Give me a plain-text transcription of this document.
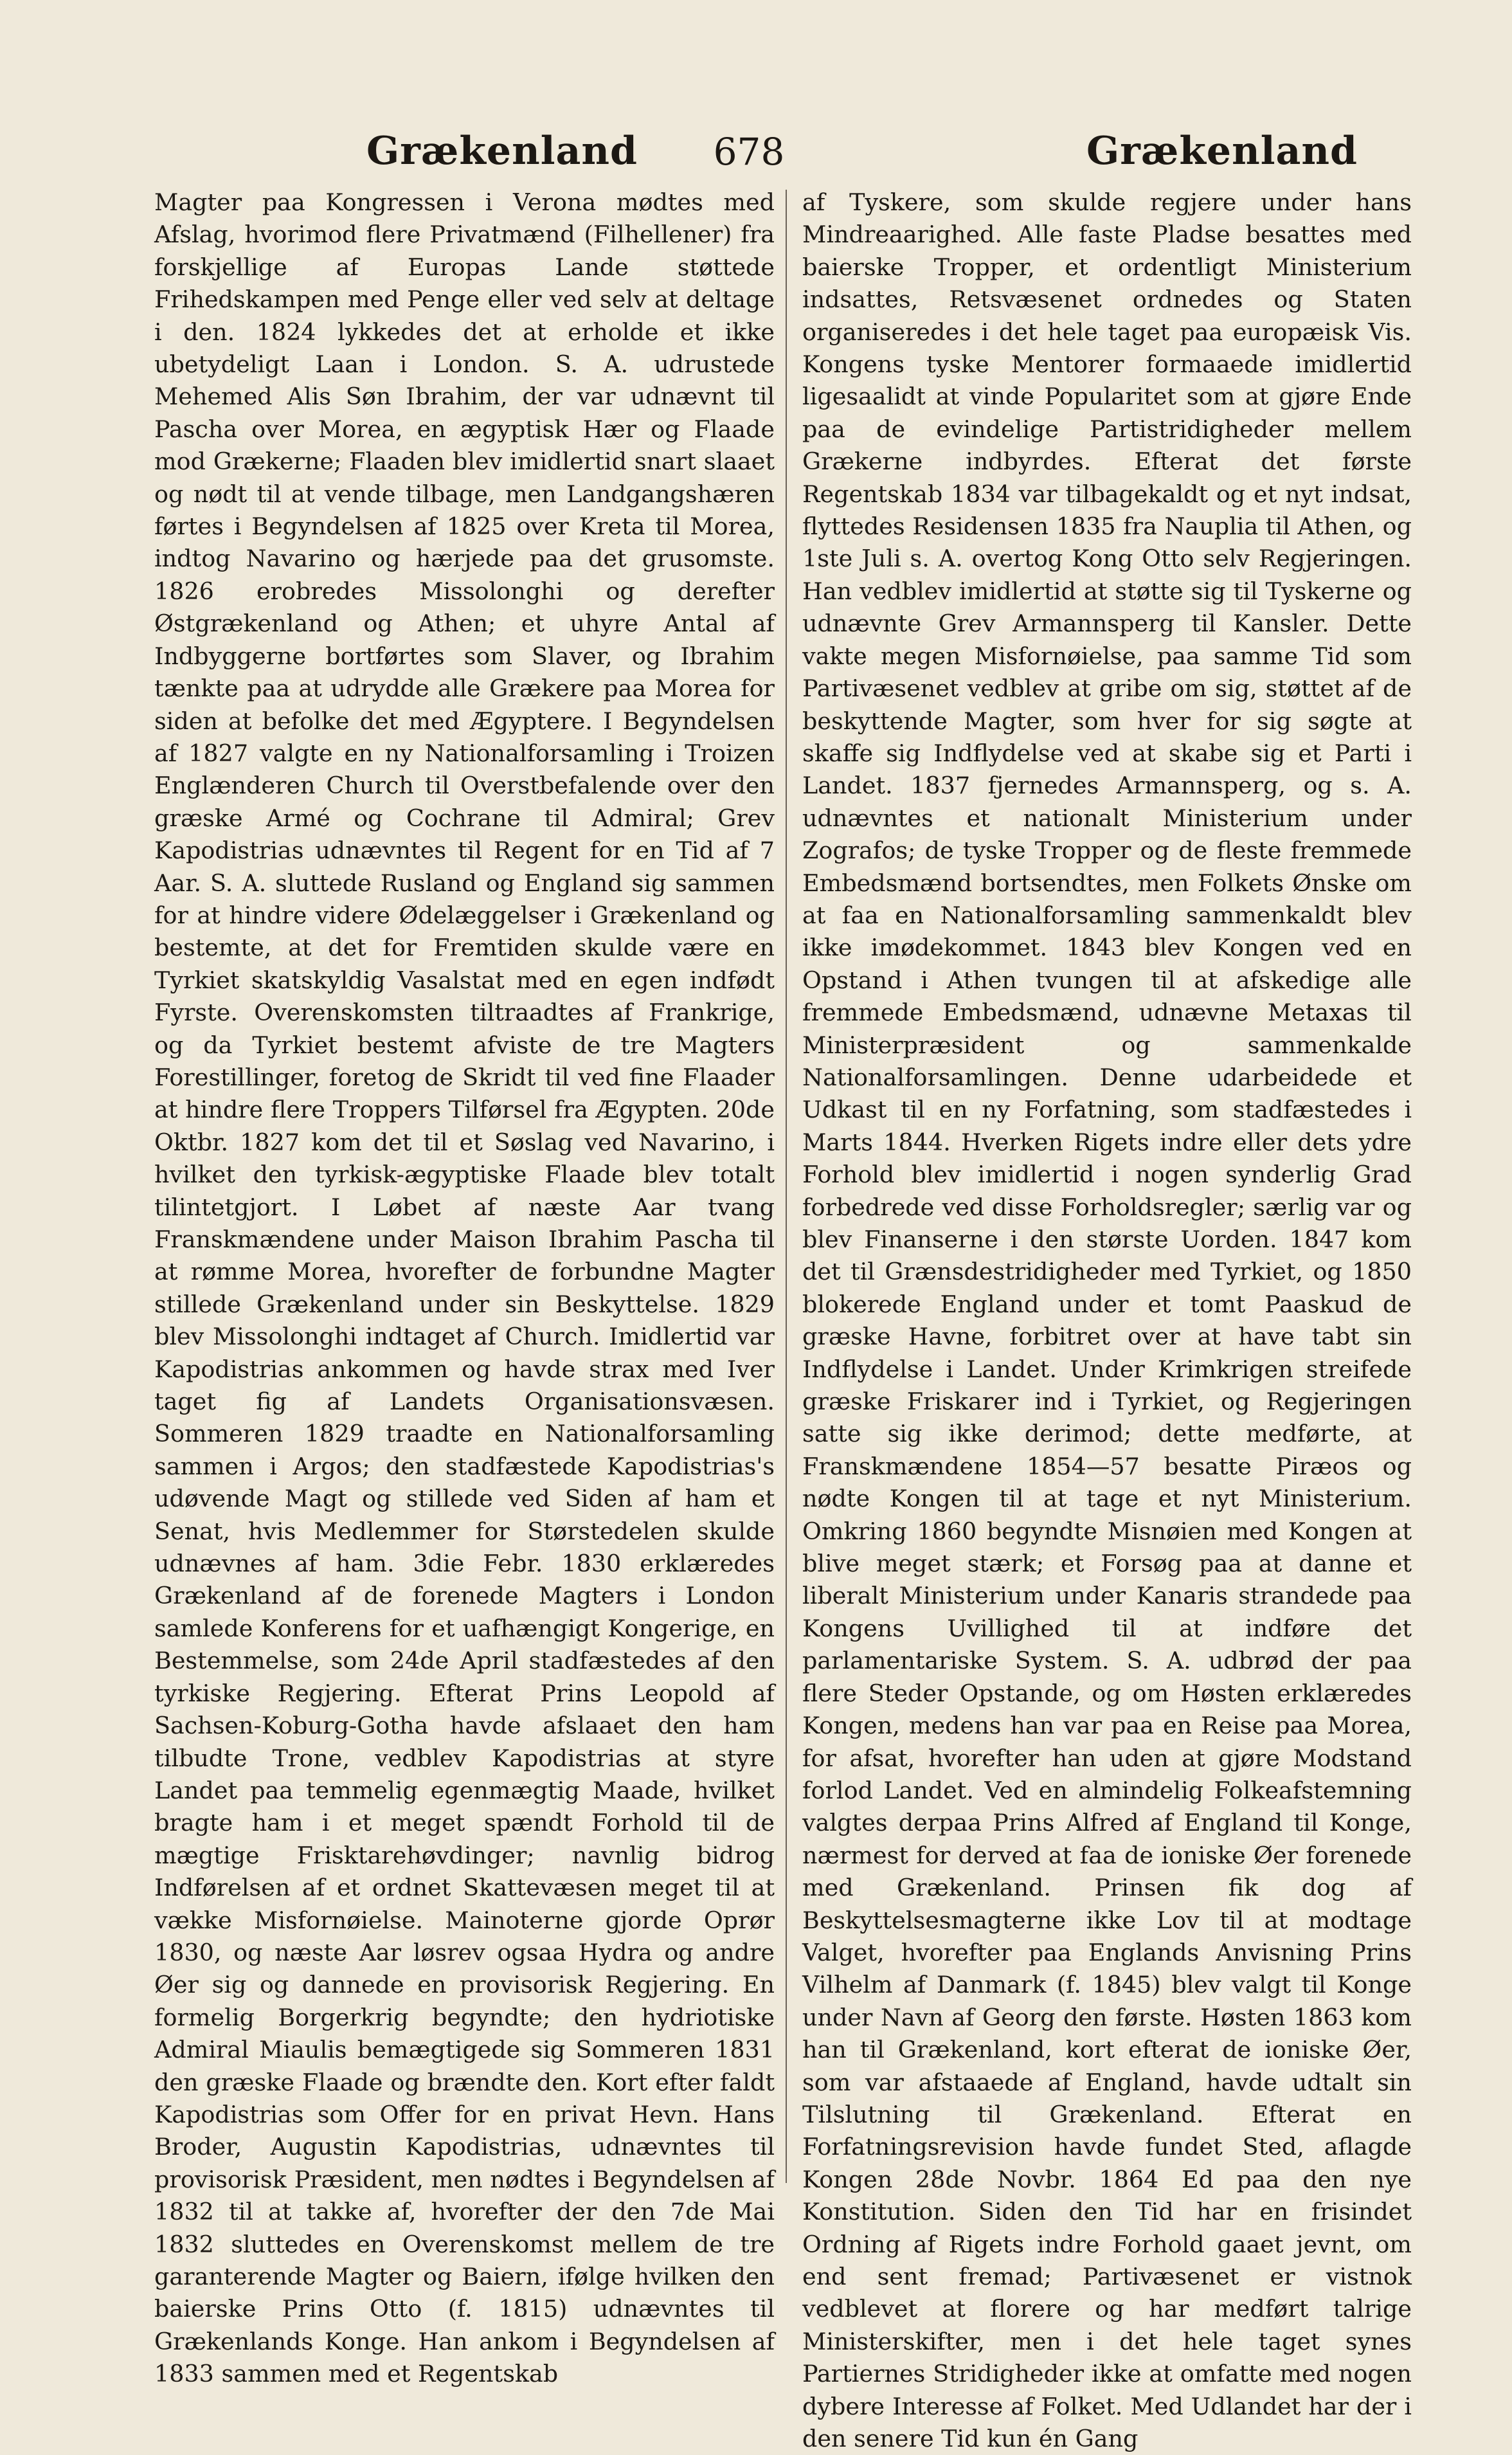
Grækenland 678	Grækenland

Magter paa Kongressen i Verona mødtes med Afslag, hvorimod flere Privatmænd (Filhellener) fra forskjellige af Europas Lande støttede Frihedskampen med Penge eller ved selv at deltage i den. 1824 lykkedes det at erholde et ikke ubetydeligt Laan i London. S. A. udrustede Mehemed Alis Søn Ibrahim, der var udnævnt til Pascha over Morea, en ægyptisk Hær og Flaade mod Grækerne; Flaaden blev imidlertid snart slaaet og nødt til at vende tilbage, men Landgangshæren førtes i Begyndelsen af 1825 over Kreta til Morea, indtog Navarino og hærjede paa det grusomste. 1826 erobredes Missolonghi og derefter Østgrækenland og Athen; et uhyre Antal af Indbyggerne bortførtes som Slaver, og Ibrahim tænkte paa at udrydde alle Grækere paa Morea for siden at befolke det med Ægyptere. I Begyndelsen af 1827 valgte en ny Nationalforsamling i Troizen Englænderen Church til Overstbefalende over den græske Armé og Cochrane til Admiral; Grev Kapodistrias udnævntes til Regent for en Tid af 7 Aar. S. A. sluttede Rusland og England sig sammen for at hindre videre Ødelæggelser i Grækenland og bestemte, at det for Fremtiden skulde være en Tyrkiet skatskyldig Vasalstat med en egen indfødt Fyrste. Overenskomsten tiltraadtes af Frankrige, og da Tyrkiet bestemt afviste de tre Magters Forestillinger, foretog de Skridt til ved fine Flaader at hindre flere Troppers Tilførsel fra Ægypten. 20de Oktbr. 1827 kom det til et Søslag ved Navarino, i hvilket den tyrkisk-ægyptiske Flaade blev totalt tilintetgjort. I Løbet af næste Aar tvang Franskmændene under Maison Ibrahim Pascha til at rømme Morea, hvorefter de forbundne Magter stillede Grækenland under sin Beskyttelse. 1829 blev Missolonghi indtaget af Church. Imidlertid var Kapodistrias ankommen og havde strax med Iver taget fig af Landets Organisationsvæsen. Sommeren 1829 traadte en Nationalforsamling sammen i Argos; den stadfæstede Kapodistrias's udøvende Magt og stillede ved Siden af ham et Senat, hvis Medlemmer for Størstedelen skulde udnævnes af ham. 3die Febr. 1830 erklæredes Grækenland af de forenede Magters i London samlede Konferens for et uafhængigt Kongerige, en Bestemmelse, som 24de April stadfæstedes af den tyrkiske Regjering. Efterat Prins Leopold af Sachsen-Koburg-Gotha havde afslaaet den ham tilbudte Trone, vedblev Kapodistrias at styre Landet paa temmelig egenmægtig Maade, hvilket bragte ham i et meget spændt Forhold til de mægtige Frisktarehøvdinger; navnlig bidrog Indførelsen af et ordnet Skattevæsen meget til at vække Misfornøielse. Mainoterne gjorde Oprør 1830, og næste Aar løsrev ogsaa Hydra og andre Øer sig og dannede en provisorisk Regjering. En formelig Borgerkrig begyndte; den hydriotiske Admiral Miaulis bemægtigede sig Sommeren 1831 den græske Flaade og brændte den. Kort efter faldt Kapodistrias som Offer for en privat Hevn. Hans Broder, Augustin Kapodistrias, udnævntes til provisorisk Præsident, men nødtes i Begyndelsen af 1832 til at takke af, hvorefter der den 7de Mai 1832 sluttedes en Overenskomst mellem de tre garanterende Magter og Baiern, ifølge hvilken den baierske Prins Otto (f. 1815) udnævntes til Grækenlands Konge. Han ankom i Begyndelsen af 1833 sammen med et Regentskab

af Tyskere, som skulde regjere under hans Mindreaarighed. Alle faste Pladse besattes med baierske Tropper, et ordentligt Ministerium indsattes, Retsvæsenet ordnedes og Staten organiseredes i det hele taget paa europæisk Vis. Kongens tyske Mentorer formaaede imidlertid ligesaalidt at vinde Popularitet som at gjøre Ende paa de evindelige Partistridigheder mellem Grækerne indbyrdes. Efterat det første Regentskab 1834 var tilbagekaldt og et nyt indsat, flyttedes Residensen 1835 fra Nauplia til Athen, og 1ste Juli s. A. overtog Kong Otto selv Regjeringen. Han vedblev imidlertid at støtte sig til Tyskerne og udnævnte Grev Armannsperg til Kansler. Dette vakte megen Misfornøielse, paa samme Tid som Partivæsenet vedblev at gribe om sig, støttet af de beskyttende Magter, som hver for sig søgte at skaffe sig Indflydelse ved at skabe sig et Parti i Landet. 1837 fjernedes Armannsperg, og s. A. udnævntes et nationalt Ministerium under Zografos; de tyske Tropper og de fleste fremmede Embedsmænd bortsendtes, men Folkets Ønske om at faa en Nationalforsamling sammenkaldt blev ikke imødekommet. 1843 blev Kongen ved en Opstand i Athen tvungen til at afskedige alle fremmede Embedsmænd, udnævne Metaxas til Ministerpræsident og sammenkalde Nationalforsamlingen. Denne udarbeidede et Udkast til en ny Forfatning, som stadfæstedes i Marts 1844. Hverken Rigets indre eller dets ydre Forhold blev imidlertid i nogen synderlig Grad forbedrede ved disse Forholdsregler; særlig var og blev Finanserne i den største Uorden. 1847 kom det til Grænsdestridigheder med Tyrkiet, og 1850 blokerede England under et tomt Paaskud de græske Havne, forbitret over at have tabt sin Indflydelse i Landet. Under Krimkrigen streifede græske Friskarer ind i Tyrkiet, og Regjeringen satte sig ikke derimod; dette medførte, at Franskmændene 1854—57 besatte Piræos og nødte Kongen til at tage et nyt Ministerium. Omkring 1860 begyndte Misnøien med Kongen at blive meget stærk; et Forsøg paa at danne et liberalt Ministerium under Kanaris strandede paa Kongens Uvillighed til at indføre det parlamentariske System. S. A. udbrød der paa flere Steder Opstande, og om Høsten erklæredes Kongen, medens han var paa en Reise paa Morea, for afsat, hvorefter han uden at gjøre Modstand forlod Landet. Ved en almindelig Folkeafstemning valgtes derpaa Prins Alfred af England til Konge, nærmest for derved at faa de ioniske Øer forenede med Grækenland. Prinsen fik dog af Beskyttelsesmagterne ikke Lov til at modtage Valget, hvorefter paa Englands Anvisning Prins Vilhelm af Danmark (f. 1845) blev valgt til Konge under Navn af Georg den første. Høsten 1863 kom han til Grækenland, kort efterat de ioniske Øer, som var afstaaede af England, havde udtalt sin Tilslutning til Grækenland. Efterat en Forfatningsrevision havde fundet Sted, aflagde Kongen 28de Novbr. 1864 Ed paa den nye Konstitution. Siden den Tid har en frisindet Ordning af Rigets indre Forhold gaaet jevnt, om end sent fremad; Partivæsenet er vistnok vedblevet at florere og har medført talrige Ministerskifter, men i det hele taget synes Partiernes Stridigheder ikke at omfatte med nogen dybere Interesse af Folket. Med Udlandet har der i den senere Tid kun én Gang
